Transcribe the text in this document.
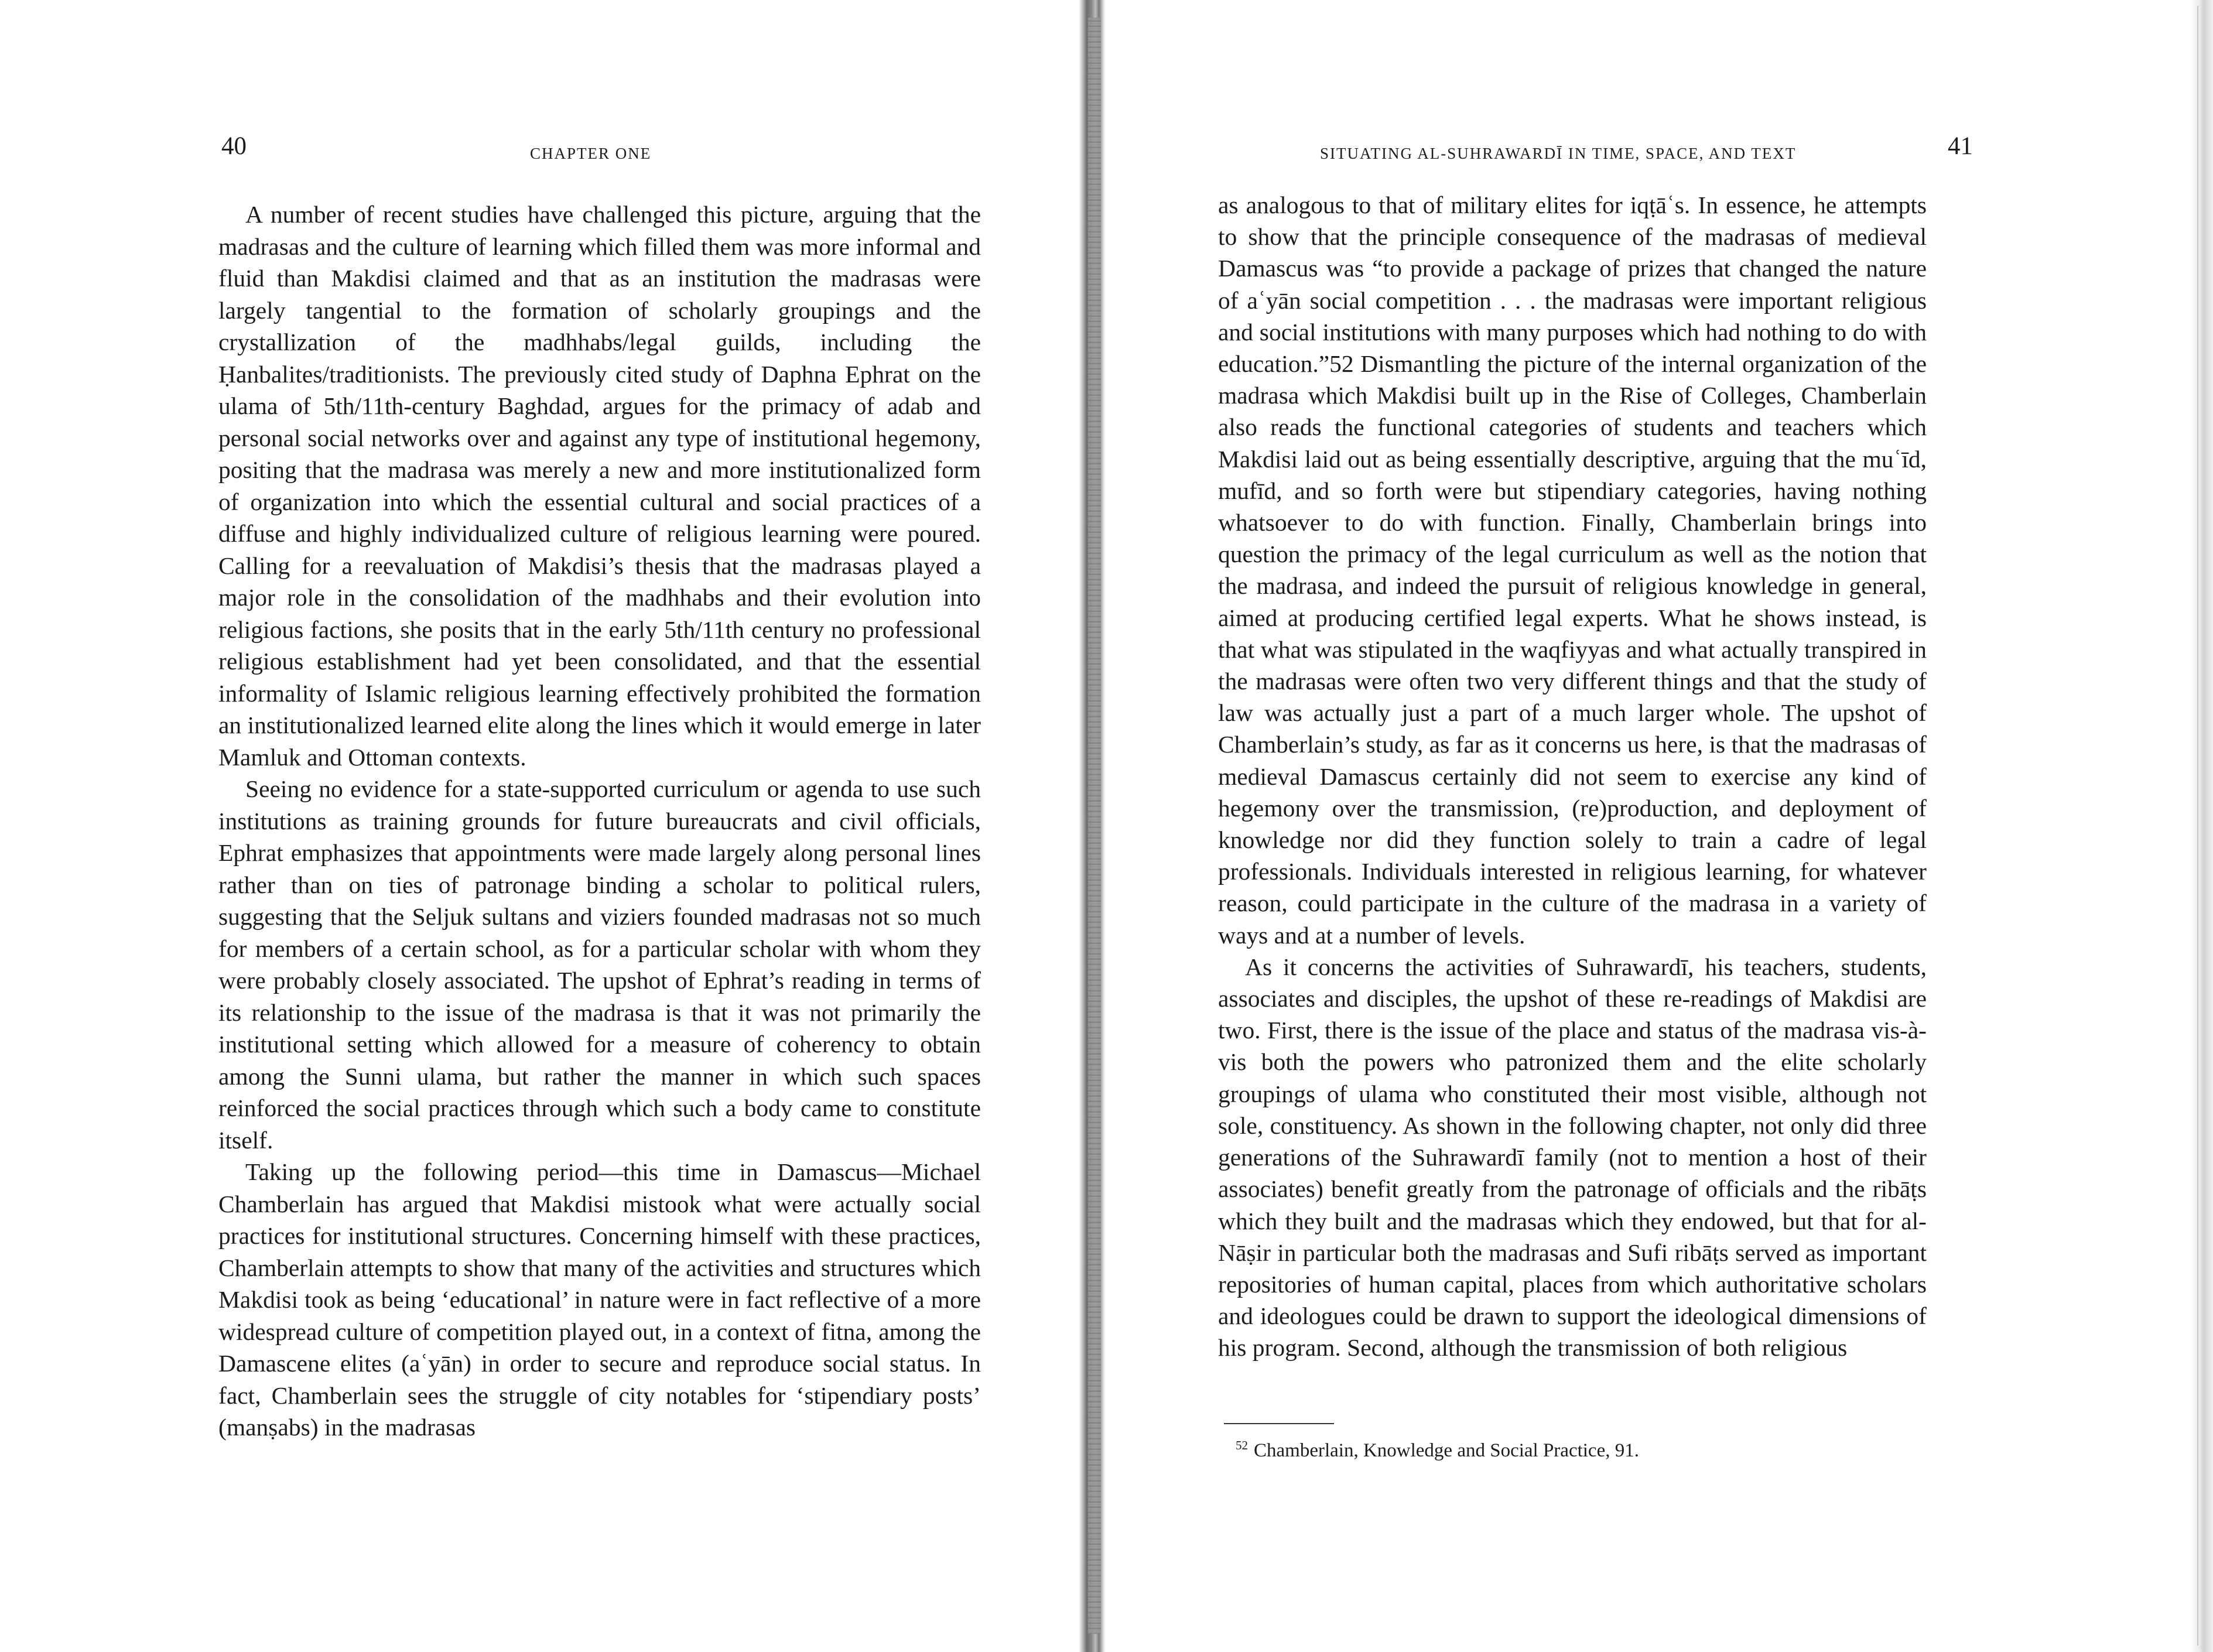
40	CHAPTER ONE

A number of recent studies have challenged this picture, arguing that the madrasas and the culture of learning which filled them was more informal and fluid than Makdisi claimed and that as an institution the madrasas were largely tangential to the formation of scholarly groupings and the crystallization of the madhhabs/legal guilds, including the Ḥanbalites/traditionists. The previously cited study of Daphna Ephrat on the ulama of 5th/11th-century Baghdad, argues for the primacy of adab and personal social networks over and against any type of institutional hegemony, positing that the madrasa was merely a new and more institutionalized form of organization into which the essential cultural and social practices of a diffuse and highly individualized culture of religious learning were poured. Calling for a reevaluation of Makdisi’s thesis that the madrasas played a major role in the consolidation of the madhhabs and their evolution into religious factions, she posits that in the early 5th/11th century no professional religious establishment had yet been consolidated, and that the essential informality of Islamic religious learning effectively prohibited the formation an institutionalized learned elite along the lines which it would emerge in later Mamluk and Ottoman contexts.

Seeing no evidence for a state-supported curriculum or agenda to use such institutions as training grounds for future bureaucrats and civil officials, Ephrat emphasizes that appointments were made largely along personal lines rather than on ties of patronage binding a scholar to political rulers, suggesting that the Seljuk sultans and viziers founded madrasas not so much for members of a certain school, as for a particular scholar with whom they were probably closely associated. The upshot of Ephrat’s reading in terms of its relationship to the issue of the madrasa is that it was not primarily the institutional setting which allowed for a measure of coherency to obtain among the Sunni ulama, but rather the manner in which such spaces reinforced the social practices through which such a body came to constitute itself.

Taking up the following period—this time in Damascus—Michael Chamberlain has argued that Makdisi mistook what were actually social practices for institutional structures. Concerning himself with these practices, Chamberlain attempts to show that many of the activities and structures which Makdisi took as being ‘educational’ in nature were in fact reflective of a more widespread culture of competition played out, in a context of fitna, among the Damascene elites (aʿyān) in order to secure and reproduce social status. In fact, Chamberlain sees the struggle of city notables for ‘stipendiary posts’ (manṣabs) in the madrasas

SITUATING AL-SUHRAWARDĪ IN TIME, SPACE, AND TEXT	41

as analogous to that of military elites for iqṭāʿs. In essence, he attempts to show that the principle consequence of the madrasas of medieval Damascus was “to provide a package of prizes that changed the nature of aʿyān social competition . . . the madrasas were important religious and social institutions with many purposes which had nothing to do with education.”52 Dismantling the picture of the internal organization of the madrasa which Makdisi built up in the Rise of Colleges, Chamberlain also reads the functional categories of students and teachers which Makdisi laid out as being essentially descriptive, arguing that the muʿīd, mufīd, and so forth were but stipendiary categories, having nothing whatsoever to do with function. Finally, Chamberlain brings into question the primacy of the legal curriculum as well as the notion that the madrasa, and indeed the pursuit of religious knowledge in general, aimed at producing certified legal experts. What he shows instead, is that what was stipulated in the waqfiyyas and what actually transpired in the madrasas were often two very different things and that the study of law was actually just a part of a much larger whole. The upshot of Chamberlain’s study, as far as it concerns us here, is that the madrasas of medieval Damascus certainly did not seem to exercise any kind of hegemony over the transmission, (re)production, and deployment of knowledge nor did they function solely to train a cadre of legal professionals. Individuals interested in religious learning, for whatever reason, could participate in the culture of the madrasa in a variety of ways and at a number of levels.

As it concerns the activities of Suhrawardī, his teachers, students, associates and disciples, the upshot of these re-readings of Makdisi are two. First, there is the issue of the place and status of the madrasa vis-à-vis both the powers who patronized them and the elite scholarly groupings of ulama who constituted their most visible, although not sole, constituency. As shown in the following chapter, not only did three generations of the Suhrawardī family (not to mention a host of their associates) benefit greatly from the patronage of officials and the ribāṭs which they built and the madrasas which they endowed, but that for al-Nāṣir in particular both the madrasas and Sufi ribāṭs served as important repositories of human capital, places from which authoritative scholars and ideologues could be drawn to support the ideological dimensions of his program. Second, although the transmission of both religious

$^{52}$ Chamberlain, Knowledge and Social Practice, 91.
